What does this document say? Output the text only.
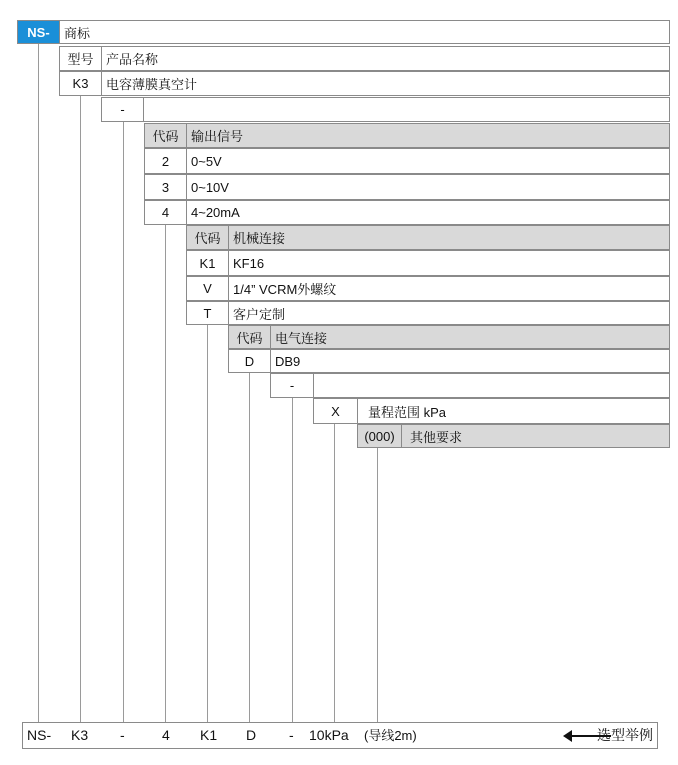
NS-	商标
型号 产品名称
K3	电容薄膜真空计
-
代码 输出信号
2	0~5V
3	0~10V
4	4~20mA
代码 机械连接
K1	KF16
V	1/4” VCRM外螺纹
T	客户定制
代码 电气连接
D	DB9
-
X	量程范围 kPa
(000)	其他要求
NS- K3 -	4 K1 D - 10kPa (导线2m)	选型举例
